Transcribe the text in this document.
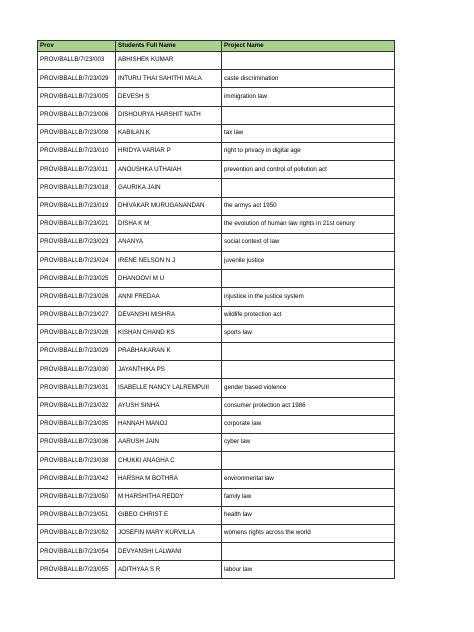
Prov	Students Full Name	Project Name
PROV/BALLB/7/23/003	ABHISHEK KUMAR	
PROV/BBALLB/7/23/029	INTURU THAI SAHITHI MALA	caste discrimination
PROV/BBALLB/7/23/005	DEVESH S	immigration law
PROV/BBALLB/7/23/006	DISHOURYA HARSHIT NATH	
PROV/BBALLB/7/23/008	KABILAN K	tax law
PROV/BBALLB/7/23/010	HRIDYA VARIAR P	right to privacy in digital age
PROV/BBALLB/7/23/011	ANOUSHKA UTHAIAH	prevention and control of pollution act
PROV/BBALLB/7/23/018	GAURIKA JAIN	
PROV/BBALLB/7/23/019	DHIVAKAR MURUGANANDAN	the armys act 1950
PROV/BBALLB/7/23/021	DISHA K M	the evolution of human law rights in 21st cenury
PROV/BBALLB/7/23/023	ANANYA	social context of law
PROV/BBALLB/7/23/024	IRENE NELSON N J	juvenile justice
PROV/BBALLB/7/23/025	DHANOOVI M U	
PROV/BBALLB/7/23/026	ANNI FREDAA	injustice in the justice system
PROV/BBALLB/7/23/027	DEVANSHI MISHRA	wildlife protection act
PROV/BBALLB/7/23/028	KISHAN CHAND KS	sports law
PROV/BBALLB/7/23/029	PRABHAKARAN K	
PROV/BBALLB/7/23/030	JAYANTHIKA PS	
PROV/BBALLB/7/23/031	ISABELLE NANCY LALREMPUII	gender based violence
PROV/BBALLB/7/23/032	AYUSH SINHA	consumer protection act 1986
PROV/BBALLB/7/23/035	HANNAH MANOJ	corporate law
PROV/BBALLB/7/23/036	AARUSH JAIN	cyber law
PROV/BBALLB/7/23/038	CHUKKI ANAGHA C	
PROV/BBALLB/7/23/042	HARSHA M BOTHRA	environmental law
PROV/BBALLB/7/23/050	M HARSHITHA REDDY	family law
PROV/BBALLB/7/23/051	GIBEO CHRIST E	health law
PROV/BBALLB/7/23/052	JOSEFIN MARY KURVILLA	womens rights across the world
PROV/BBALLB/7/23/054	DEVYANSHI LALWANI	
PROV/BBALLB/7/23/055	ADITHYAA S R	labour law
